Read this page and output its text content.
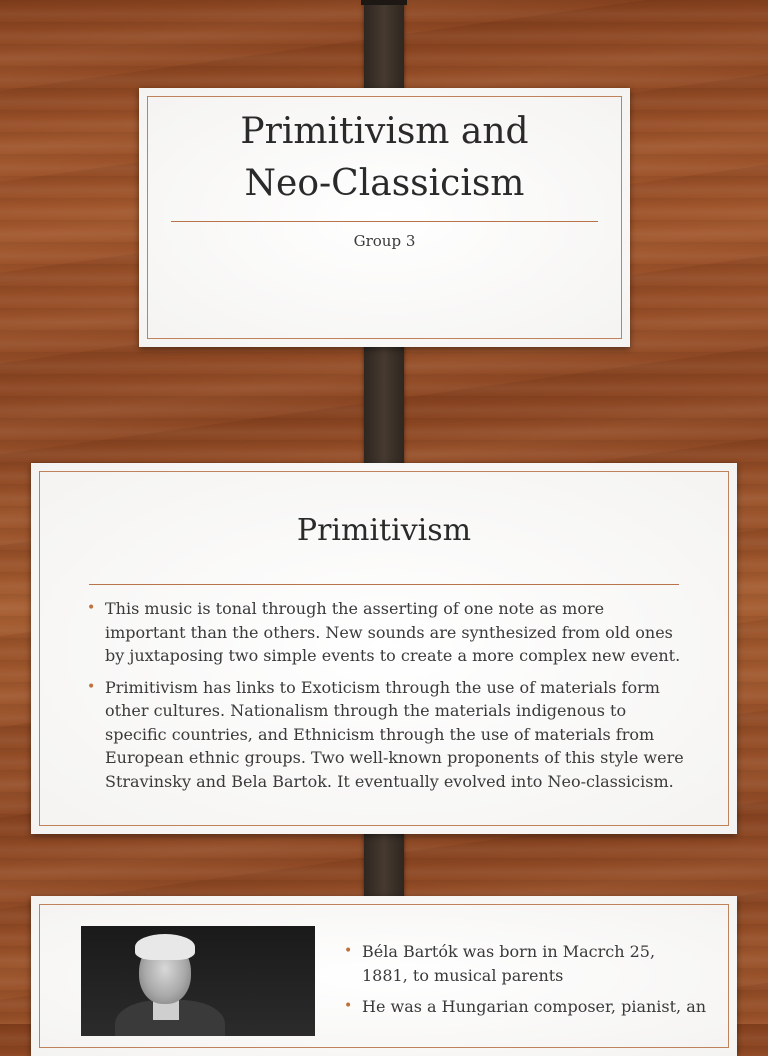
Primitivism and Neo-Classicism
Group 3
Primitivism
• This music is tonal through the asserting of one note as more important than the others. New sounds are synthesized from old ones by juxtaposing two simple events to create a more complex new event.
• Primitivism has links to Exoticism through the use of materials form other cultures. Nationalism through the materials indigenous to specific countries, and Ethnicism through the use of materials from European ethnic groups. Two well-known proponents of this style were Stravinsky and Bela Bartok. It eventually evolved into Neo-classicism.
• Béla Bartók was born in Macrch 25, 1881, to musical parents
• He was a Hungarian composer, pianist, an
